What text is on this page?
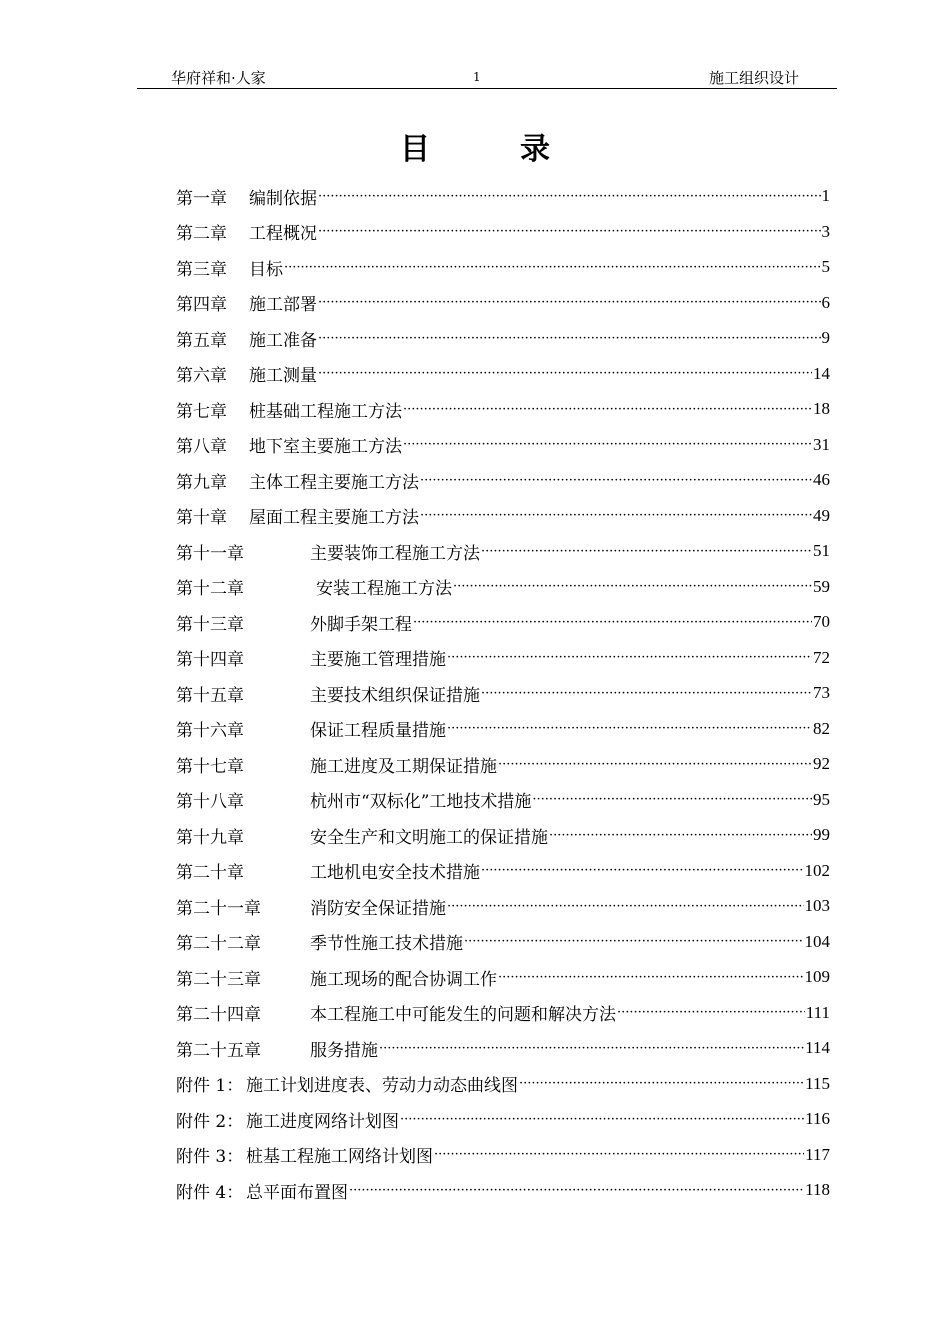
华府祥和·人家	1	施工组织设计
目	录
第一章	编制依据 ·····	1
第二章	工程概况 ·····	3
第三章	目标 ·····	5
第四章	施工部署 ·····	6
第五章	施工准备 ·····	9
第六章	施工测量 ·····	14
第七章	桩基础工程施工方法 ·····	18
第八章	地下室主要施工方法 ·····	31
第九章	主体工程主要施工方法 ·····	46
第十章	屋面工程主要施工方法 ·····	49
第十一章	主要装饰工程施工方法 ·····	51
第十二章	安装工程施工方法 ·····	59
第十三章	外脚手架工程 ·····	70
第十四章	主要施工管理措施 ·····	72
第十五章	主要技术组织保证措施 ·····	73
第十六章	保证工程质量措施 ·····	82
第十七章	施工进度及工期保证措施 ·····	92
第十八章	杭州市“双标化”工地技术措施 ·····	95
第十九章	安全生产和文明施工的保证措施 ·····	99
第二十章	工地机电安全技术措施 ·····	102
第二十一章	消防安全保证措施 ·····	103
第二十二章	季节性施工技术措施 ·····	104
第二十三章	施工现场的配合协调工作 ·····	109
第二十四章	本工程施工中可能发生的问题和解决方法 ·····	111
第二十五章	服务措施 ·····	114
附件 1： 施工计划进度表、劳动力动态曲线图 ·····	115
附件 2： 施工进度网络计划图 ·····	116
附件 3： 桩基工程施工网络计划图 ·····	117
附件 4： 总平面布置图 ·····	118
